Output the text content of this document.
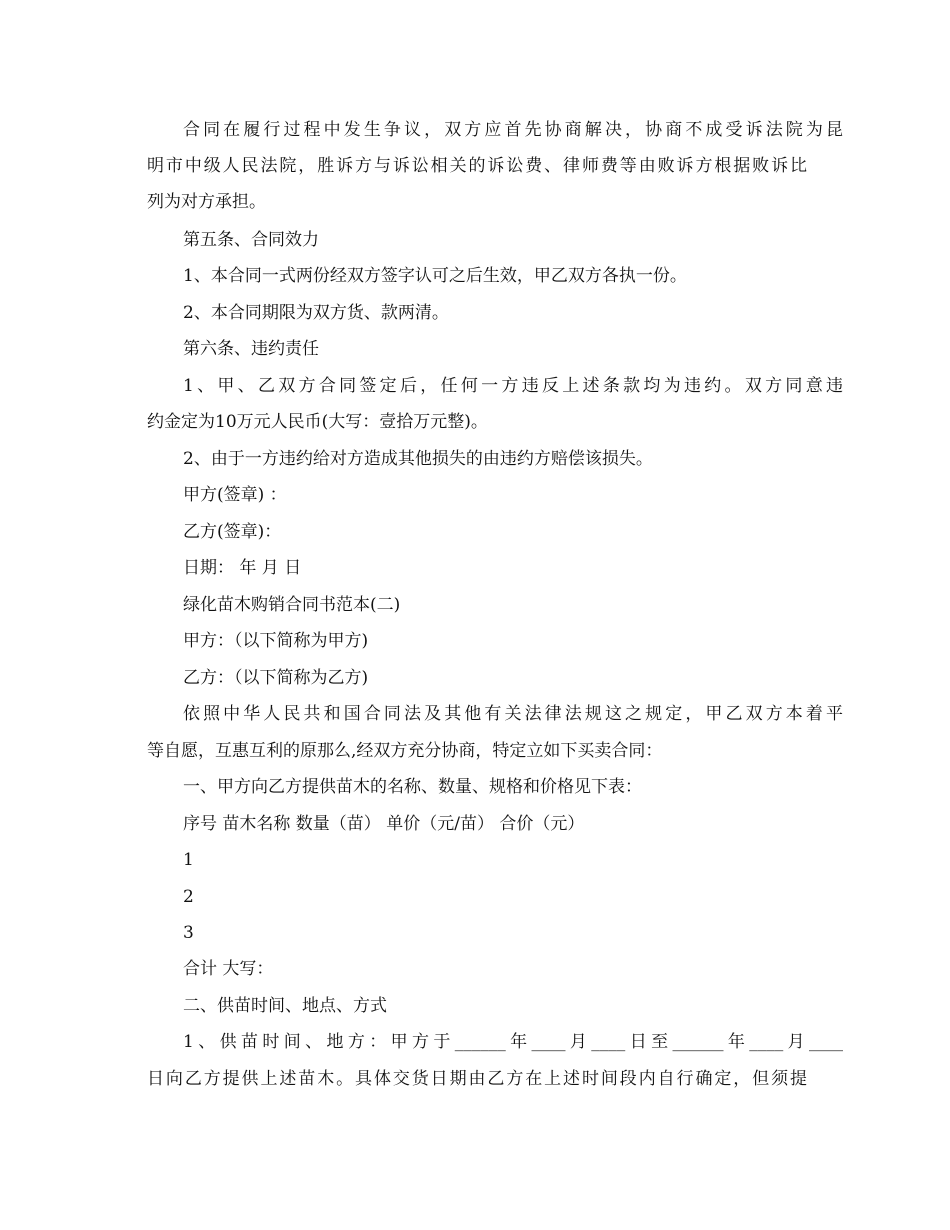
合同在履行过程中发生争议，双方应首先协商解决，协商不成受诉法院为昆
明市中级人民法院，胜诉方与诉讼相关的诉讼费、律师费等由败诉方根据败诉比
列为对方承担。
第五条、合同效力
1、本合同一式两份经双方签字认可之后生效，甲乙双方各执一份。
2、本合同期限为双方货、款两清。
第六条、违约责任
1、甲、乙双方合同签定后，任何一方违反上述条款均为违约。双方同意违
约金定为10万元人民币(大写：壹拾万元整)。
2、由于一方违约给对方造成其他损失的由违约方赔偿该损失。
甲方(签章) ：
乙方(签章)：
日期： 年 月 日
绿化苗木购销合同书范本(二)
甲方：（以下简称为甲方)
乙方：（以下简称为乙方)
依照中华人民共和国合同法及其他有关法律法规这之规定，甲乙双方本着平
等自愿，互惠互利的原那么,经双方充分协商，特定立如下买卖合同：
一、甲方向乙方提供苗木的名称、数量、规格和价格见下表：
序号 苗木名称 数量（苗） 单价（元/苗） 合价（元）
1
2
3
合计 大写：
二、供苗时间、地点、方式
1、供苗时间、地方：甲方于______年____月____日至______年____月____
日向乙方提供上述苗木。具体交货日期由乙方在上述时间段内自行确定，但须提
